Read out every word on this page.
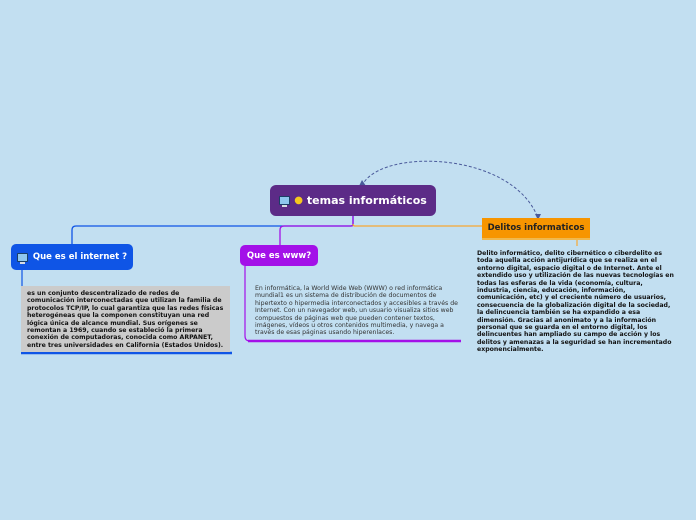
● temas informáticos
Que es el internet ?
es un conjunto descentralizado de redes de comunicación interconectadas que utilizan la familia de protocolos TCP/IP, lo cual garantiza que las redes físicas heterogéneas que la componen constituyan una red lógica única de alcance mundial. Sus orígenes se remontan a 1969, cuando se estableció la primera conexión de computadoras, conocida como ARPANET, entre tres universidades en California (Estados Unidos).
Que es www?
En informática, la World Wide Web (WWW) o red informática mundial1 es un sistema de distribución de documentos de hipertexto o hipermedia interconectados y accesibles a través de Internet. Con un navegador web, un usuario visualiza sitios web compuestos de páginas web que pueden contener textos, imágenes, vídeos u otros contenidos multimedia, y navega a través de esas páginas usando hiperenlaces.
Delitos informaticos
Delito informático, delito cibernético o ciberdelito es toda aquella acción antijurídica que se realiza en el entorno digital, espacio digital o de Internet. Ante el extendido uso y utilización de las nuevas tecnologías en todas las esferas de la vida (economía, cultura, industria, ciencia, educación, información, comunicación, etc) y el creciente número de usuarios, consecuencia de la globalización digital de la sociedad, la delincuencia también se ha expandido a esa dimensión. Gracias al anonimato y a la información personal que se guarda en el entorno digital, los delincuentes han ampliado su campo de acción y los delitos y amenazas a la seguridad se han incrementado exponencialmente.
